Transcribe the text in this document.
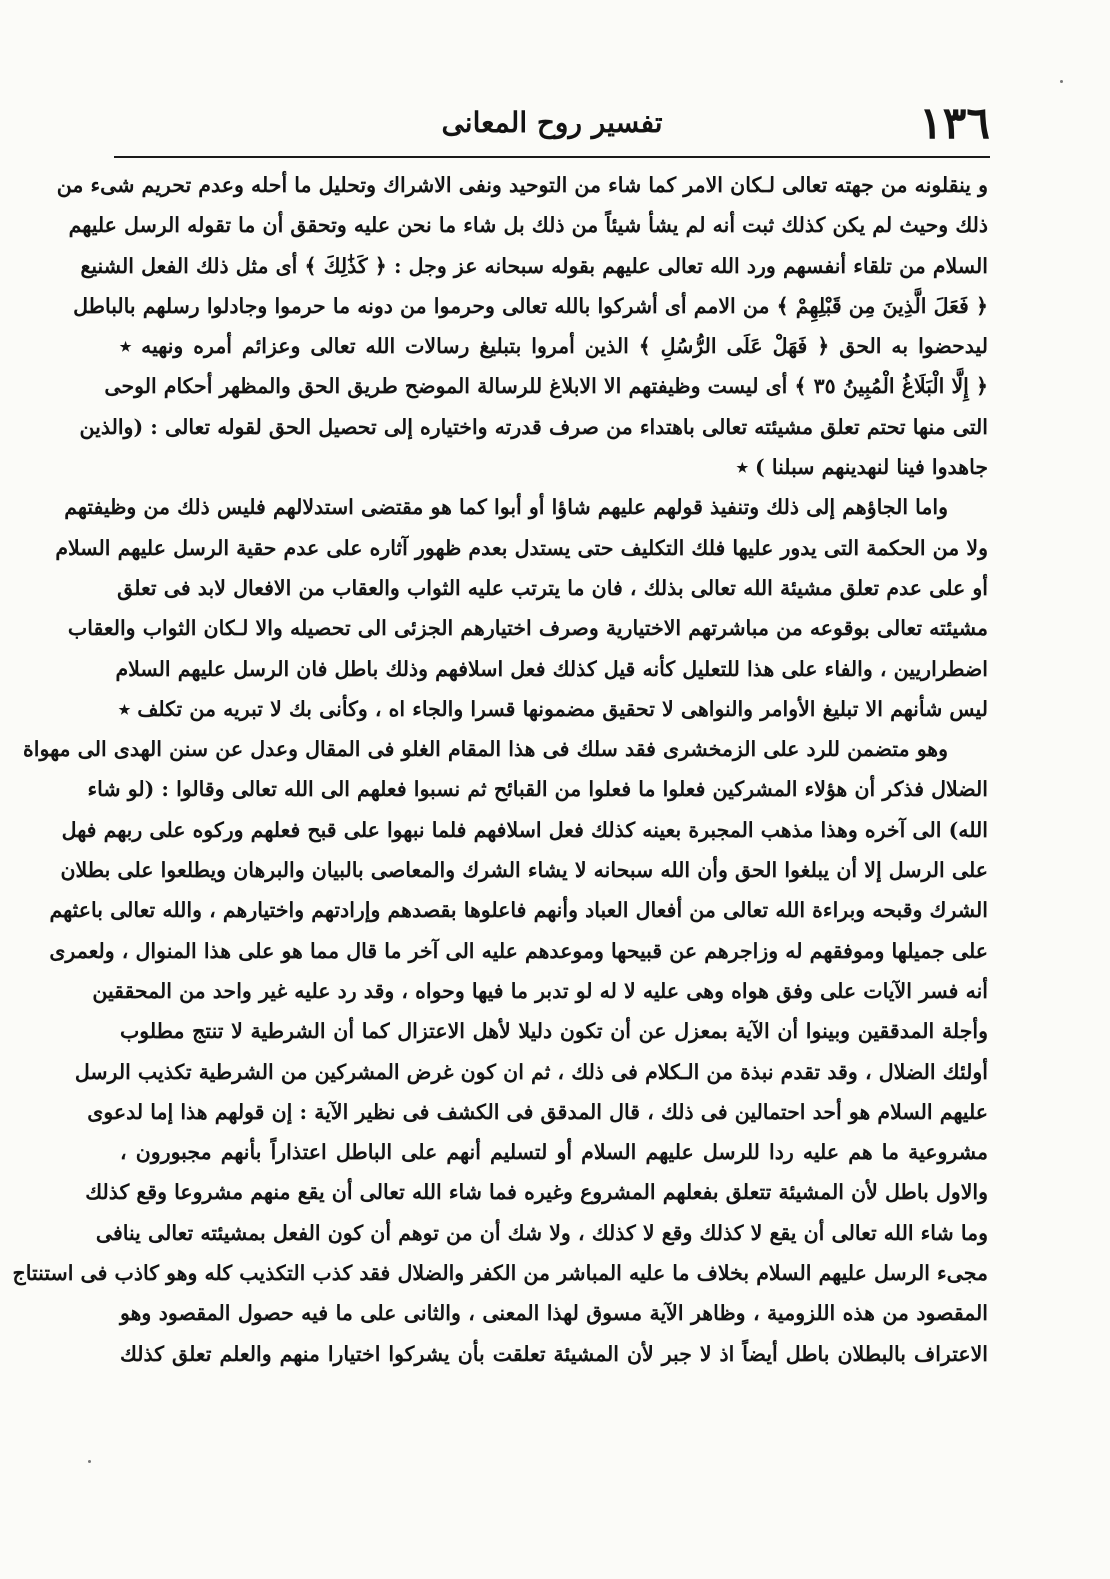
١٣٦
تفسير روح المعانى
و ينقلونه من جهته تعالى لـكان الامر كما شاء من التوحيد ونفى الاشراك وتحليل ما أحله وعدم تحريم شىء من
ذلك وحيث لم يكن كذلك ثبت أنه لم يشأ شيئاً من ذلك بل شاء ما نحن عليه وتحقق أن ما تقوله الرسل عليهم
السلام من تلقاء أنفسهم ورد الله تعالى عليهم بقوله سبحانه عز وجل : ﴿ كَذَٰلِكَ ﴾ أى مثل ذلك الفعل الشنيع
﴿ فَعَلَ الَّذِينَ مِن قَبْلِهِمْ ﴾ من الامم أى أشركوا بالله تعالى وحرموا من دونه ما حرموا وجادلوا رسلهم بالباطل
ليدحضوا به الحق ﴿ فَهَلْ عَلَى الرُّسُلِ ﴾ الذين أمروا بتبليغ رسالات الله تعالى وعزائم أمره ونهيه ٭
﴿ إِلَّا الْبَلَاغُ الْمُبِينُ ٣٥ ﴾ أى ليست وظيفتهم الا الابلاغ للرسالة الموضح طريق الحق والمظهر أحكام الوحى
التى منها تحتم تعلق مشيئته تعالى باهتداء من صرف قدرته واختياره إلى تحصيل الحق لقوله تعالى : (والذين
جاهدوا فينا لنهدينهم سبلنا ) ٭
واما الجاؤهم إلى ذلك وتنفيذ قولهم عليهم شاؤا أو أبوا كما هو مقتضى استدلالهم فليس ذلك من وظيفتهم
ولا من الحكمة التى يدور عليها فلك التكليف حتى يستدل بعدم ظهور آثاره على عدم حقية الرسل عليهم السلام
أو على عدم تعلق مشيئة الله تعالى بذلك ، فان ما يترتب عليه الثواب والعقاب من الافعال لابد فى تعلق
مشيئته تعالى بوقوعه من مباشرتهم الاختيارية وصرف اختيارهم الجزئى الى تحصيله والا لـكان الثواب والعقاب
اضطراريين ، والفاء على هذا للتعليل كأنه قيل كذلك فعل اسلافهم وذلك باطل فان الرسل عليهم السلام
ليس شأنهم الا تبليغ الأوامر والنواهى لا تحقيق مضمونها قسرا والجاء اه ، وكأنى بك لا تبريه من تكلف ٭
وهو متضمن للرد على الزمخشرى فقد سلك فى هذا المقام الغلو فى المقال وعدل عن سنن الهدى الى مهواة
الضلال فذكر أن هؤلاء المشركين فعلوا ما فعلوا من القبائح ثم نسبوا فعلهم الى الله تعالى وقالوا : (لو شاء
الله) الى آخره وهذا مذهب المجبرة بعينه كذلك فعل اسلافهم فلما نبهوا على قبح فعلهم وركوه على ربهم فهل
على الرسل إلا أن يبلغوا الحق وأن الله سبحانه لا يشاء الشرك والمعاصى بالبيان والبرهان ويطلعوا على بطلان
الشرك وقبحه وبراءة الله تعالى من أفعال العباد وأنهم فاعلوها بقصدهم وإرادتهم واختيارهم ، والله تعالى باعثهم
على جميلها وموفقهم له وزاجرهم عن قبيحها وموعدهم عليه الى آخر ما قال مما هو على هذا المنوال ، ولعمرى
أنه فسر الآيات على وفق هواه وهى عليه لا له لو تدبر ما فيها وحواه ، وقد رد عليه غير واحد من المحققين
وأجلة المدققين وبينوا أن الآية بمعزل عن أن تكون دليلا لأهل الاعتزال كما أن الشرطية لا تنتج مطلوب
أولئك الضلال ، وقد تقدم نبذة من الـكلام فى ذلك ، ثم ان كون غرض المشركين من الشرطية تكذيب الرسل
عليهم السلام هو أحد احتمالين فى ذلك ، قال المدقق فى الكشف فى نظير الآية : إن قولهم هذا إما لدعوى
مشروعية ما هم عليه ردا للرسل عليهم السلام أو لتسليم أنهم على الباطل اعتذاراً بأنهم مجبورون ،
والاول باطل لأن المشيئة تتعلق بفعلهم المشروع وغيره فما شاء الله تعالى أن يقع منهم مشروعا وقع كذلك
وما شاء الله تعالى أن يقع لا كذلك وقع لا كذلك ، ولا شك أن من توهم أن كون الفعل بمشيئته تعالى ينافى
مجىء الرسل عليهم السلام بخلاف ما عليه المباشر من الكفر والضلال فقد كذب التكذيب كله وهو كاذب فى استنتاج
المقصود من هذه اللزومية ، وظاهر الآية مسوق لهذا المعنى ، والثانى على ما فيه حصول المقصود وهو
الاعتراف بالبطلان باطل أيضاً اذ لا جبر لأن المشيئة تعلقت بأن يشركوا اختيارا منهم والعلم تعلق كذلك
